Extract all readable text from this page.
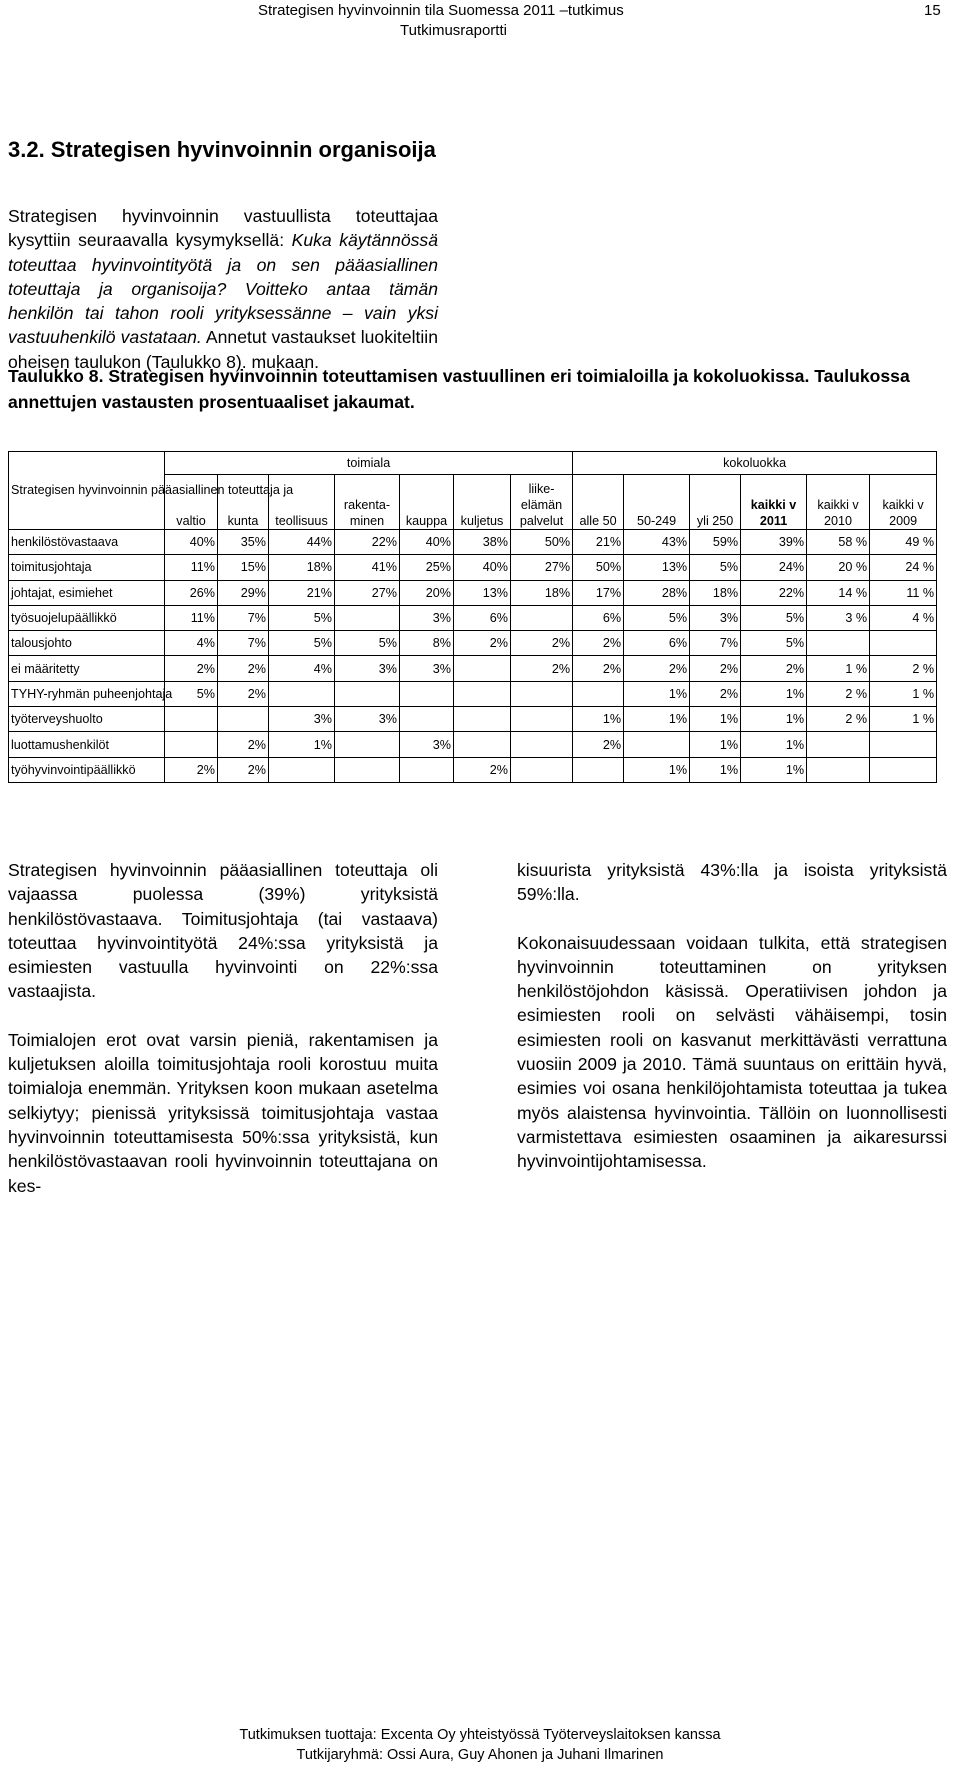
Strategisen hyvinvoinnin tila Suomessa 2011 –tutkimus	15
Tutkimusraportti
3.2. Strategisen hyvinvoinnin organisoija

Strategisen hyvinvoinnin vastuullista toteuttajaa kysyttiin seuraavalla kysymyksellä: Kuka käytännössä toteuttaa hyvinvointityötä ja on sen pääasiallinen toteuttaja ja organisoija? Voitteko antaa tämän henkilön tai tahon rooli yrityksessänne – vain yksi vastuuhenkilö vastataan. Annetut vastaukset luokiteltiin oheisen taulukon (Taulukko 8). mukaan.

Taulukko 8. Strategisen hyvinvoinnin toteuttamisen vastuullinen eri toimialoilla ja kokoluokissa. Taulukossa annettujen vastausten prosentuaaliset jakaumat.

Strategisen hyvinvoinnin pääasiallinen toteuttaja ja	toimiala							kokoluokka					
	valtio	kunta	teollisuus	rakenta-minen	kauppa	kuljetus	liike-elämän palvelut	alle 50	50-249	yli 250	kaikki v 2011	kaikki v 2010	kaikki v 2009
henkilöstövastaava	40%	35%	44%	22%	40%	38%	50%	21%	43%	59%	39%	58 %	49 %
toimitusjohtaja	11%	15%	18%	41%	25%	40%	27%	50%	13%	5%	24%	20 %	24 %
johtajat, esimiehet	26%	29%	21%	27%	20%	13%	18%	17%	28%	18%	22%	14 %	11 %
työsuojelupäällikkö	11%	7%	5%		3%	6%		6%	5%	3%	5%	3 %	4 %
talousjohto	4%	7%	5%	5%	8%	2%	2%	2%	6%	7%	5%		
ei määritetty	2%	2%	4%	3%	3%		2%	2%	2%	2%	2%	1 %	2 %
TYHY-ryhmän puheenjohtaja	5%	2%							1%	2%	1%	2 %	1 %
työterveyshuolto			3%	3%				1%	1%	1%	1%	2 %	1 %
luottamushenkilöt		2%	1%		3%			2%		1%	1%		
työhyvinvointipäällikkö	2%	2%				2%			1%	1%	1%		

Strategisen hyvinvoinnin pääasiallinen toteuttaja oli vajaassa puolessa (39%) yrityksistä henkilöstövastaava. Toimitusjohtaja (tai vastaava) toteuttaa hyvinvointityötä 24%:ssa yrityksistä ja esimiesten vastuulla hyvinvointi on 22%:ssa vastaajista.

Toimialojen erot ovat varsin pieniä, rakentamisen ja kuljetuksen aloilla toimitusjohtaja rooli korostuu muita toimialoja enemmän. Yrityksen koon mukaan asetelma selkiytyy; pienissä yrityksissä toimitusjohtaja vastaa hyvinvoinnin toteuttamisesta 50%:ssa yrityksistä, kun henkilöstövastaavan rooli hyvinvoinnin toteuttajana on kes-

kisuurista yrityksistä 43%:lla ja isoista yrityksistä 59%:lla.

Kokonaisuudessaan voidaan tulkita, että strategisen hyvinvoinnin toteuttaminen on yrityksen henkilöstöjohdon käsissä. Operatiivisen johdon ja esimiesten rooli on selvästi vähäisempi, tosin esimiesten rooli on kasvanut merkittävästi verrattuna vuosiin 2009 ja 2010. Tämä suuntaus on erittäin hyvä, esimies voi osana henkilöjohtamista toteuttaa ja tukea myös alaistensa hyvinvointia. Tällöin on luonnollisesti varmistettava esimiesten osaaminen ja aikaresurssi hyvinvointijohtamisessa.

Tutkimuksen tuottaja: Excenta Oy yhteistyössä Työterveyslaitoksen kanssa
Tutkijaryhmä: Ossi Aura, Guy Ahonen ja Juhani Ilmarinen
